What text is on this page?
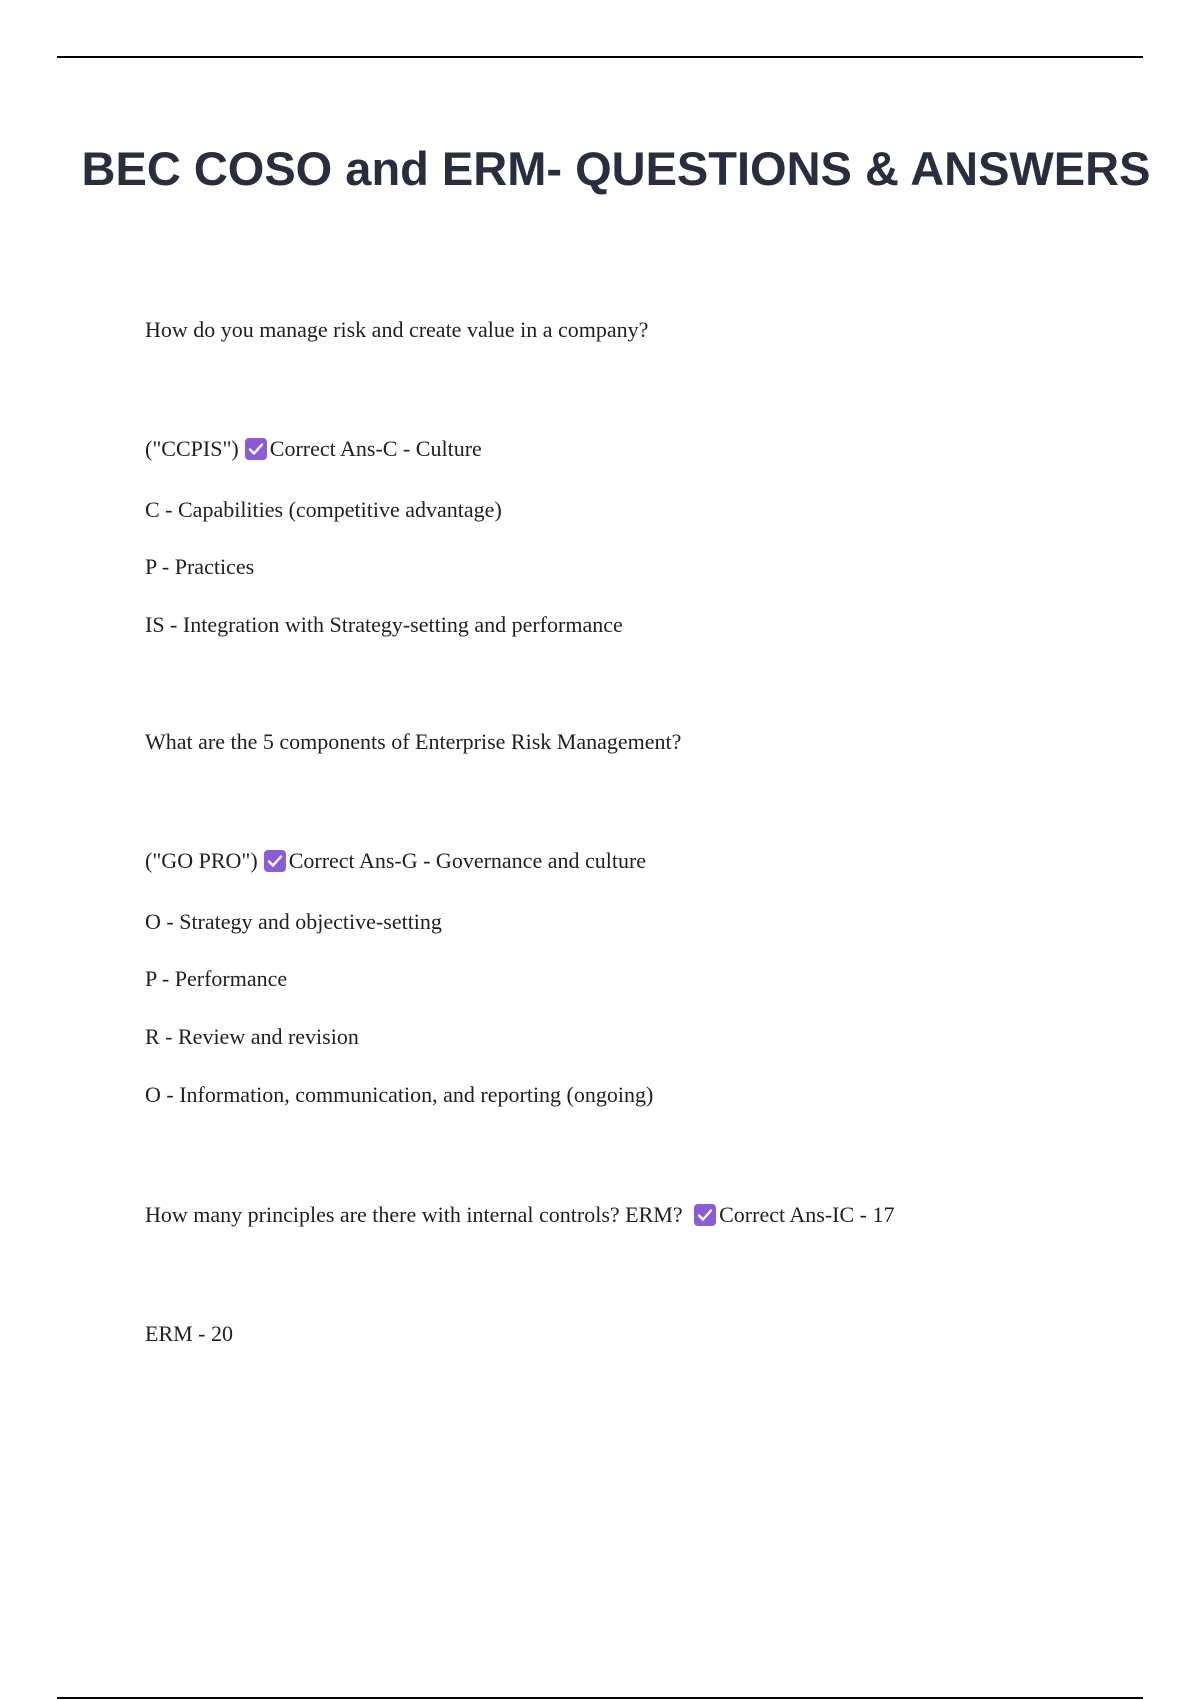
BEC COSO and ERM- QUESTIONS & ANSWERS
How do you manage risk and create value in a company?
("CCPIS") Correct Ans-C - Culture
C - Capabilities (competitive advantage)
P - Practices
IS - Integration with Strategy-setting and performance
What are the 5 components of Enterprise Risk Management?
("GO PRO") Correct Ans-G - Governance and culture
O - Strategy and objective-setting
P - Performance
R - Review and revision
O - Information, communication, and reporting (ongoing)
How many principles are there with internal controls? ERM? Correct Ans-IC - 17
ERM - 20
